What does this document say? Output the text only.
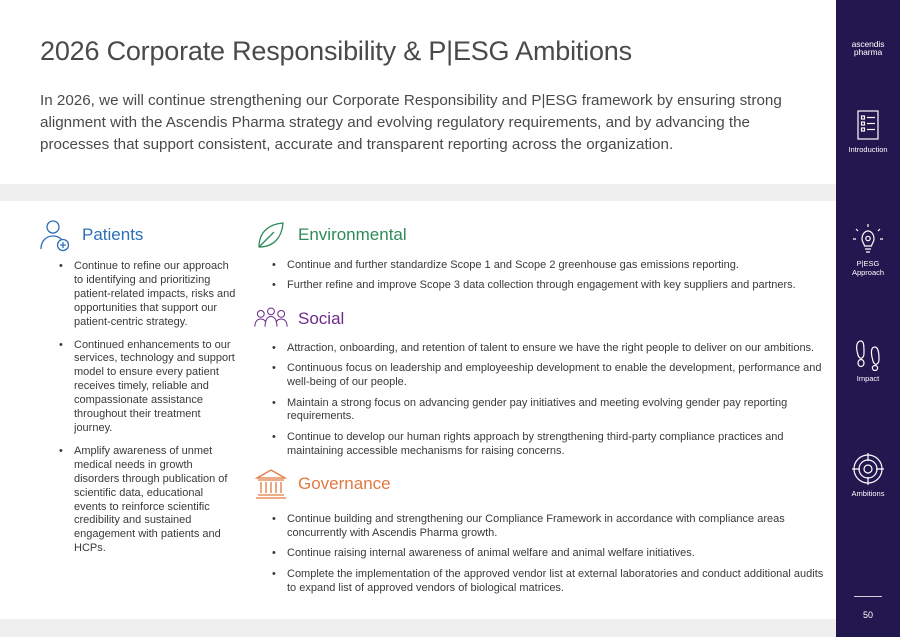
2026 Corporate Responsibility & P|ESG Ambitions

In 2026, we will continue strengthening our Corporate Responsibility and P|ESG framework by ensuring strong alignment with the Ascendis Pharma strategy and evolving regulatory requirements, and by advancing the processes that support consistent, accurate and transparent reporting across the organization.

Patients
• Continue to refine our approach to identifying and prioritizing patient-related impacts, risks and opportunities that support our patient-centric strategy.
• Continued enhancements to our services, technology and support model to ensure every patient receives timely, reliable and compassionate assistance throughout their treatment journey.
• Amplify awareness of unmet medical needs in growth disorders through publication of scientific data, educational events to reinforce scientific credibility and sustained engagement with patients and HCPs.
Environmental
• Continue and further standardize Scope 1 and Scope 2 greenhouse gas emissions reporting.
• Further refine and improve Scope 3 data collection through engagement with key suppliers and partners.
Social
• Attraction, onboarding, and retention of talent to ensure we have the right people to deliver on our ambitions.
• Continuous focus on leadership and employeeship development to enable the development, performance and well-being of our people.
• Maintain a strong focus on advancing gender pay initiatives and meeting evolving gender pay reporting requirements.
• Continue to develop our human rights approach by strengthening third-party compliance practices and maintaining accessible mechanisms for raising concerns.
Governance
• Continue building and strengthening our Compliance Framework in accordance with compliance areas concurrently with Ascendis Pharma growth.
• Continue raising internal awareness of animal welfare and animal welfare initiatives.
• Complete the implementation of the approved vendor list at external laboratories and conduct additional audits to expand list of approved vendors of biological matrices.
ascendis
pharma
Introduction
P|ESG
Approach
Impact
Ambitions
50
